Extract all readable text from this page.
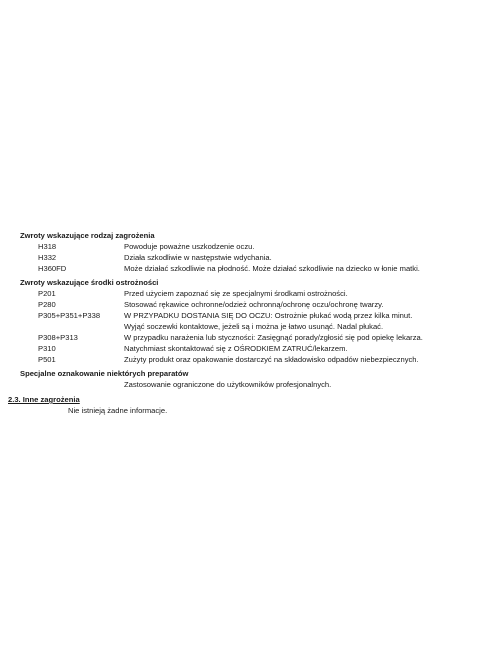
Zwroty wskazujące rodzaj zagrożenia
H318	Powoduje poważne uszkodzenie oczu.
H332	Działa szkodliwie w następstwie wdychania.
H360FD	Może działać szkodliwie na płodność. Może działać szkodliwie na dziecko w łonie matki.
Zwroty wskazujące środki ostrożności
P201	Przed użyciem zapoznać się ze specjalnymi środkami ostrożności.
P280	Stosować rękawice ochronne/odzież ochronną/ochronę oczu/ochronę twarzy.
P305+P351+P338	W PRZYPADKU DOSTANIA SIĘ DO OCZU: Ostrożnie płukać wodą przez kilka minut.
Wyjąć soczewki kontaktowe, jeżeli są i można je łatwo usunąć. Nadal płukać.
P308+P313	W przypadku narażenia lub styczności: Zasięgnąć porady/zgłosić się pod opiekę lekarza.
P310	Natychmiast skontaktować się z OŚRODKIEM ZATRUĆ/lekarzem.
P501	Zużyty produkt oraz opakowanie dostarczyć na składowisko odpadów niebezpiecznych.
Specjalne oznakowanie niektórych preparatów
Zastosowanie ograniczone do użytkowników profesjonalnych.
2.3. Inne zagrożenia
Nie istnieją żadne informacje.
